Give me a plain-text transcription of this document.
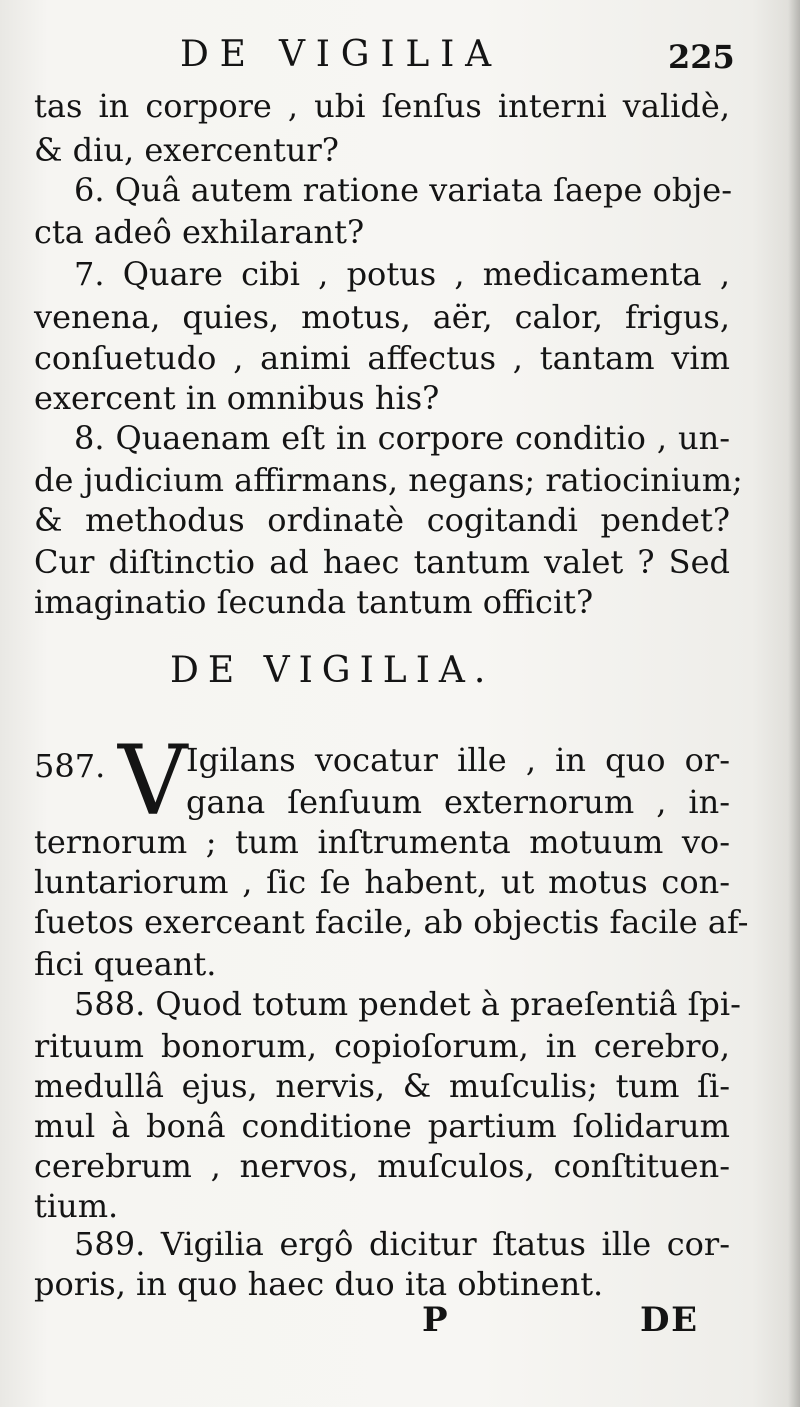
DE VIGILIA	225
tas in corpore , ubi ſenſus interni validè,
& diu, exercentur?
6. Quâ autem ratione variata ſaepe obje-
cta adeô exhilarant?
7. Quare cibi , potus , medicamenta ,
venena, quies, motus, aër, calor, frigus,
conſuetudo , animi affectus , tantam vim
exercent in omnibus his?
8. Quaenam eſt in corpore conditio , un-
de judicium affirmans, negans; ratiocinium;
& methodus ordinatè cogitandi pendet?
Cur diſtinctio ad haec tantum valet ? Sed
imaginatio ſecunda tantum officit?
DE VIGILIA.
587. V
Igilans vocatur ille , in quo or-
gana ſenſuum externorum , in-
ternorum ; tum inſtrumenta motuum vo-
luntariorum , ſic ſe habent, ut motus con-
ſuetos exerceant facile, ab objectis facile af-
fici queant.
588. Quod totum pendet à praeſentiâ ſpi-
rituum bonorum, copioſorum, in cerebro,
medullâ ejus, nervis, & muſculis; tum ſi-
mul à bonâ conditione partium ſolidarum
cerebrum , nervos, muſculos, conſtituen-
tium.
589. Vigilia ergô dicitur ſtatus ille cor-
poris, in quo haec duo ita obtinent.
P	DE
